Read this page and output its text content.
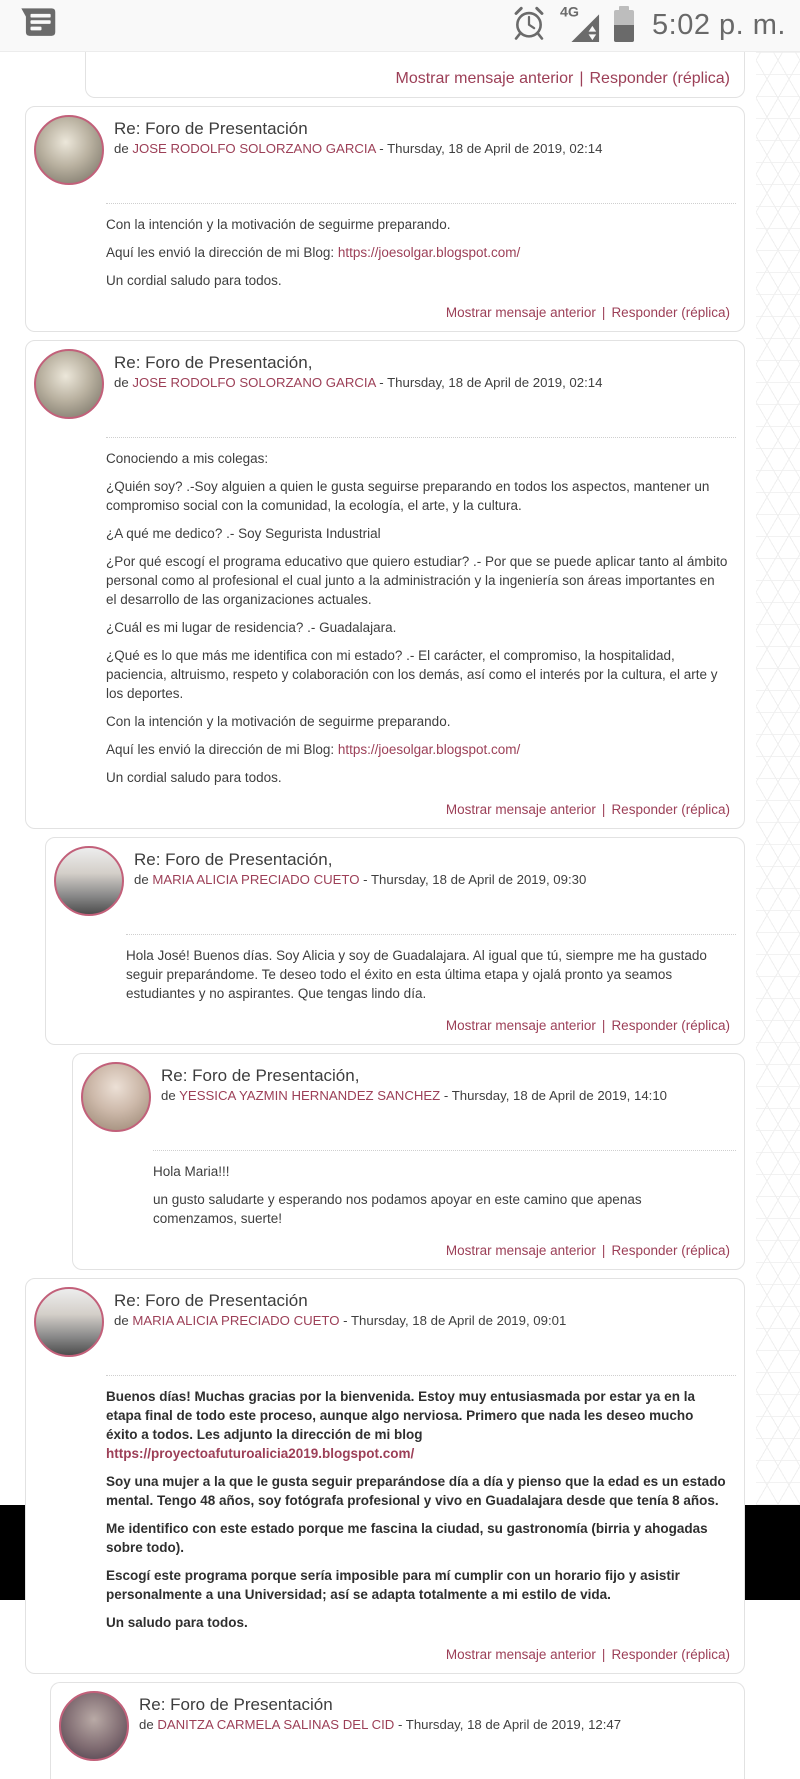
4G	5:02 p. m.
Mostrar mensaje anterior | Responder (réplica)
Re: Foro de Presentación
de JOSE RODOLFO SOLORZANO GARCIA - Thursday, 18 de April de 2019, 02:14

Con la intención y la motivación de seguirme preparando.

Aquí les envió la dirección de mi Blog: https://joesolgar.blogspot.com/

Un cordial saludo para todos.

Mostrar mensaje anterior | Responder (réplica)
Re: Foro de Presentación,
de JOSE RODOLFO SOLORZANO GARCIA - Thursday, 18 de April de 2019, 02:14

Conociendo a mis colegas:

¿Quién soy? .-Soy alguien a quien le gusta seguirse preparando en todos los aspectos, mantener un compromiso social con la comunidad, la ecología, el arte, y la cultura.

¿A qué me dedico? .- Soy Segurista Industrial

¿Por qué escogí el programa educativo que quiero estudiar? .- Por que se puede aplicar tanto al ámbito personal como al profesional el cual junto a la administración y la ingeniería son áreas importantes en el desarrollo de las organizaciones actuales.

¿Cuál es mi lugar de residencia? .- Guadalajara.

¿Qué es lo que más me identifica con mi estado? .- El carácter, el compromiso, la hospitalidad, paciencia, altruismo, respeto y colaboración con los demás, así como el interés por la cultura, el arte y los deportes.

Con la intención y la motivación de seguirme preparando.

Aquí les envió la dirección de mi Blog: https://joesolgar.blogspot.com/

Un cordial saludo para todos.

Mostrar mensaje anterior | Responder (réplica)
Re: Foro de Presentación,
de MARIA ALICIA PRECIADO CUETO - Thursday, 18 de April de 2019, 09:30

Hola José! Buenos días. Soy Alicia y soy de Guadalajara. Al igual que tú, siempre me ha gustado seguir preparándome. Te deseo todo el éxito en esta última etapa y ojalá pronto ya seamos estudiantes y no aspirantes. Que tengas lindo día.

Mostrar mensaje anterior | Responder (réplica)
Re: Foro de Presentación,
de YESSICA YAZMIN HERNANDEZ SANCHEZ - Thursday, 18 de April de 2019, 14:10

Hola Maria!!!

un gusto saludarte y esperando nos podamos apoyar en este camino que apenas comenzamos, suerte!

Mostrar mensaje anterior | Responder (réplica)
Re: Foro de Presentación
de MARIA ALICIA PRECIADO CUETO - Thursday, 18 de April de 2019, 09:01

Buenos días! Muchas gracias por la bienvenida. Estoy muy entusiasmada por estar ya en la etapa final de todo este proceso, aunque algo nerviosa. Primero que nada les deseo mucho éxito a todos. Les adjunto la dirección de mi blog https://proyectoafuturoalicia2019.blogspot.com/

Soy una mujer a la que le gusta seguir preparándose día a día y pienso que la edad es un estado mental. Tengo 48 años, soy fotógrafa profesional y vivo en Guadalajara desde que tenía 8 años.

Me identifico con este estado porque me fascina la ciudad, su gastronomía (birria y ahogadas sobre todo).

Escogí este programa porque sería imposible para mí cumplir con un horario fijo y asistir personalmente a una Universidad; así se adapta totalmente a mi estilo de vida.

Un saludo para todos.

Mostrar mensaje anterior | Responder (réplica)
Re: Foro de Presentación
de DANITZA CARMELA SALINAS DEL CID - Thursday, 18 de April de 2019, 12:47
